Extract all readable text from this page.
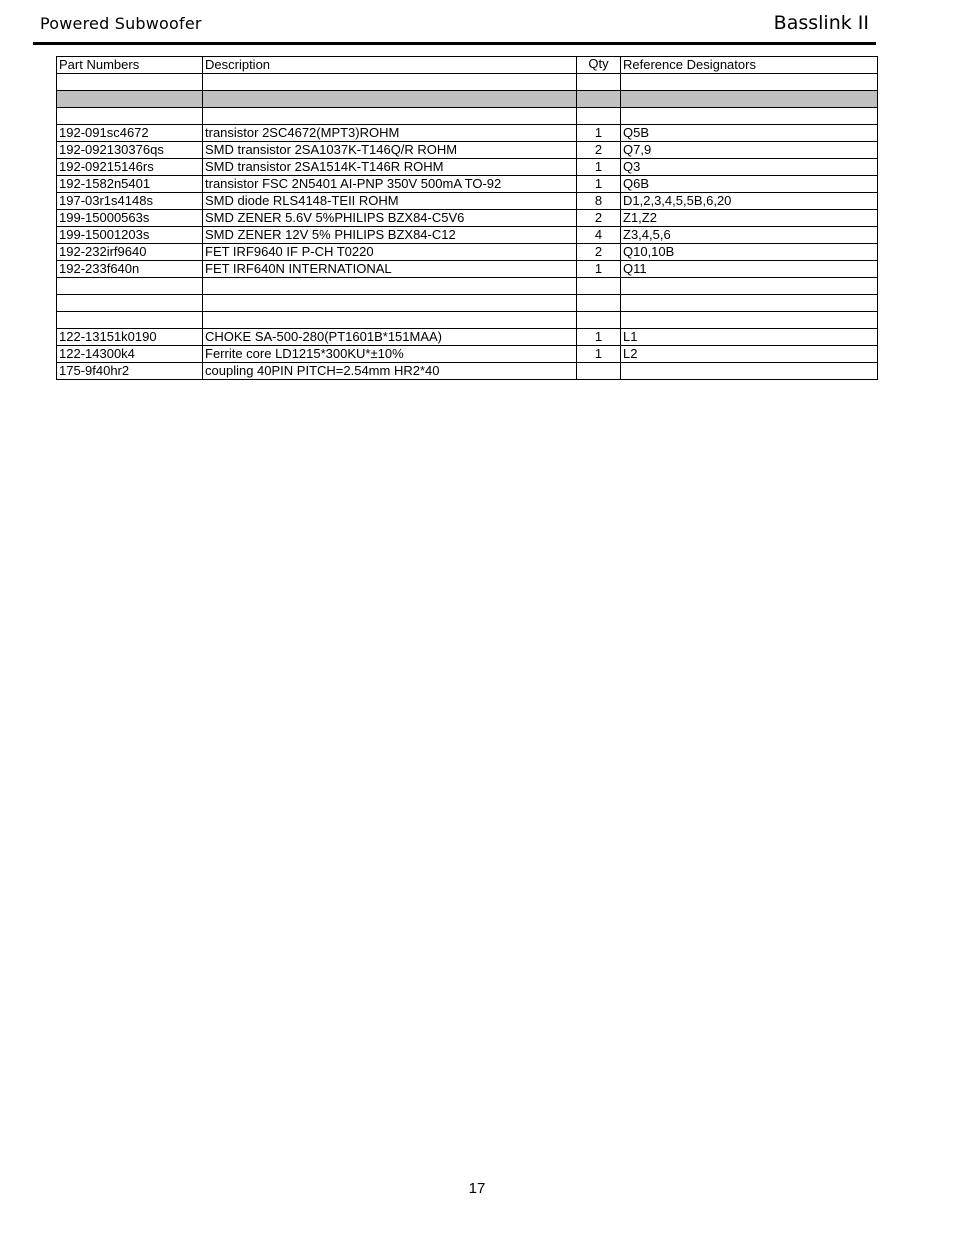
Powered Subwoofer	Basslink II
Part Numbers	Description	Qty	Reference Designators

192-091sc4672	transistor 2SC4672(MPT3)ROHM	1	Q5B
192-092130376qs	SMD transistor 2SA1037K-T146Q/R ROHM	2	Q7,9
192-09215146rs	SMD transistor 2SA1514K-T146R ROHM	1	Q3
192-1582n5401	transistor FSC 2N5401 AI-PNP 350V 500mA TO-92	1	Q6B
197-03r1s4148s	SMD diode RLS4148-TEII ROHM	8	D1,2,3,4,5,5B,6,20
199-15000563s	SMD ZENER 5.6V 5%PHILIPS BZX84-C5V6	2	Z1,Z2
199-15001203s	SMD ZENER 12V 5% PHILIPS BZX84-C12	4	Z3,4,5,6
192-232irf9640	FET IRF9640 IF P-CH T0220	2	Q10,10B
192-233f640n	FET IRF640N INTERNATIONAL	1	Q11

122-13151k0190	CHOKE SA-500-280(PT1601B*151MAA)	1	L1
122-14300k4	Ferrite core LD1215*300KU*±10%	1	L2
175-9f40hr2	coupling 40PIN PITCH=2.54mm HR2*40		
17
